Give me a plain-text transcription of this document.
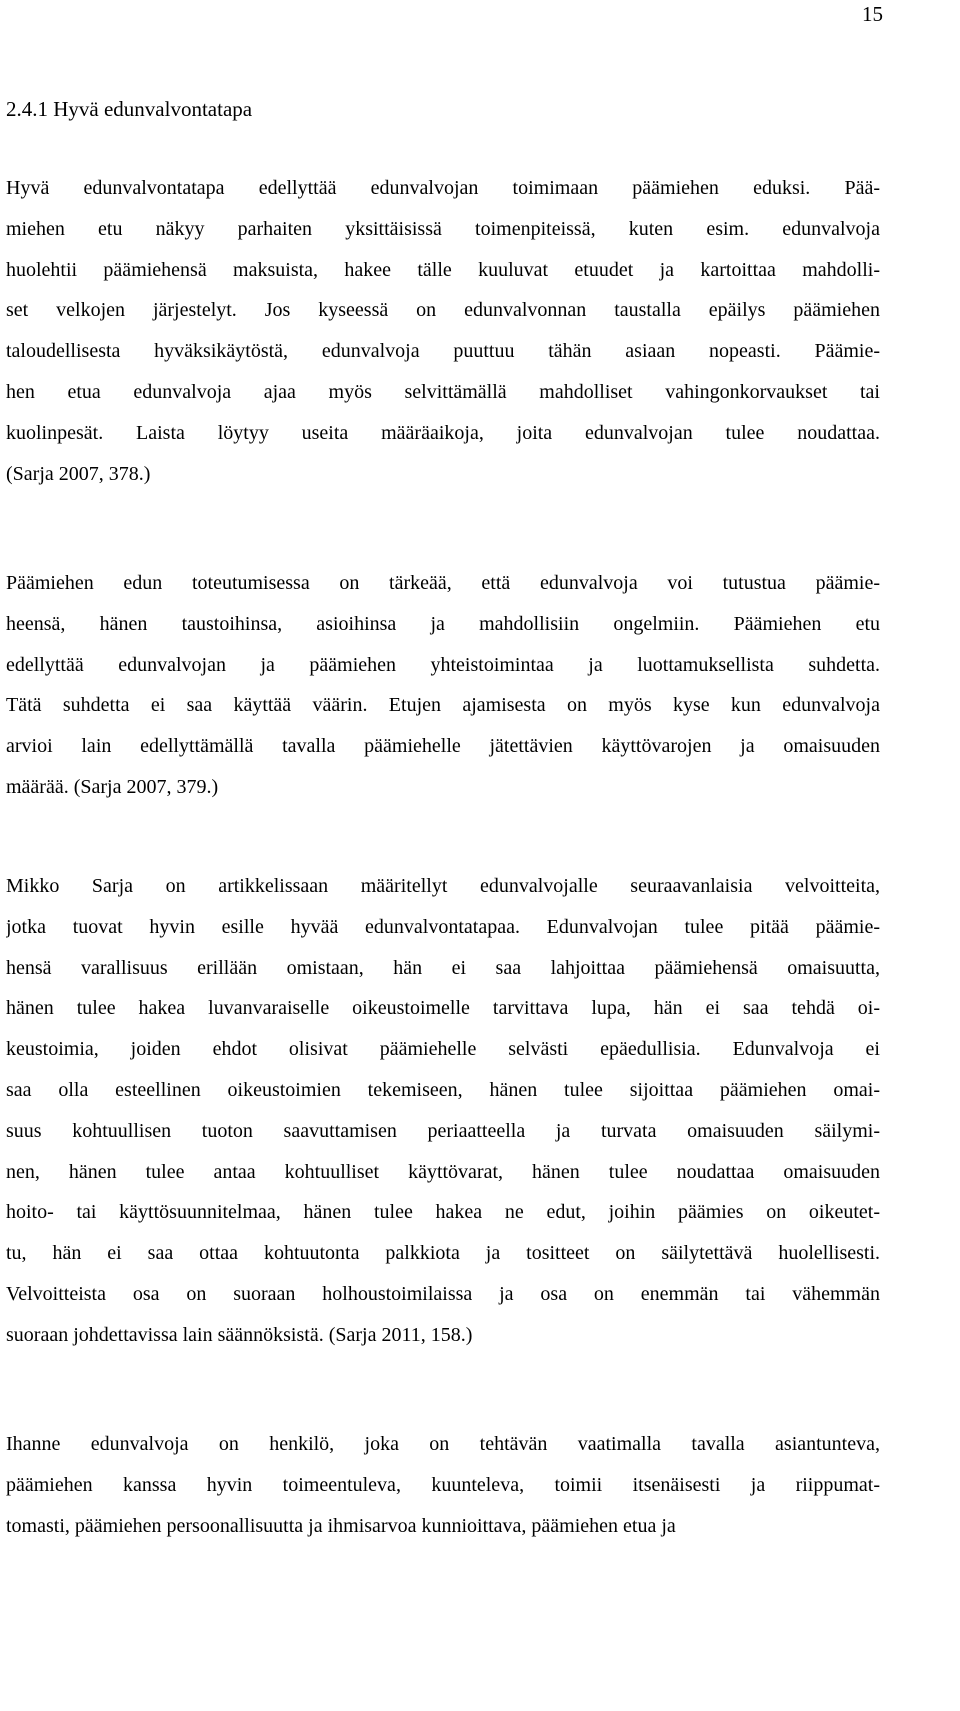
15
2.4.1 Hyvä edunvalvontatapa
Hyvä edunvalvontatapa edellyttää edunvalvojan toimimaan päämiehen eduksi. Pää-
miehen etu näkyy parhaiten yksittäisissä toimenpiteissä, kuten esim. edunvalvoja
huolehtii päämiehensä maksuista, hakee tälle kuuluvat etuudet ja kartoittaa mahdolli-
set velkojen järjestelyt. Jos kyseessä on edunvalvonnan taustalla epäilys päämiehen
taloudellisesta hyväksikäytöstä, edunvalvoja puuttuu tähän asiaan nopeasti. Päämie-
hen etua edunvalvoja ajaa myös selvittämällä mahdolliset vahingonkorvaukset tai
kuolinpesät. Laista löytyy useita määräaikoja, joita edunvalvojan tulee noudattaa.
(Sarja 2007, 378.)
Päämiehen edun toteutumisessa on tärkeää, että edunvalvoja voi tutustua päämie-
heensä, hänen taustoihinsa, asioihinsa ja mahdollisiin ongelmiin. Päämiehen etu
edellyttää edunvalvojan ja päämiehen yhteistoimintaa ja luottamuksellista suhdetta.
Tätä suhdetta ei saa käyttää väärin. Etujen ajamisesta on myös kyse kun edunvalvoja
arvioi lain edellyttämällä tavalla päämiehelle jätettävien käyttövarojen ja omaisuuden
määrää. (Sarja 2007, 379.)
Mikko Sarja on artikkelissaan määritellyt edunvalvojalle seuraavanlaisia velvoitteita,
jotka tuovat hyvin esille hyvää edunvalvontatapaa. Edunvalvojan tulee pitää päämie-
hensä varallisuus erillään omistaan, hän ei saa lahjoittaa päämiehensä omaisuutta,
hänen tulee hakea luvanvaraiselle oikeustoimelle tarvittava lupa, hän ei saa tehdä oi-
keustoimia, joiden ehdot olisivat päämiehelle selvästi epäedullisia. Edunvalvoja ei
saa olla esteellinen oikeustoimien tekemiseen, hänen tulee sijoittaa päämiehen omai-
suus kohtuullisen tuoton saavuttamisen periaatteella ja turvata omaisuuden säilymi-
nen, hänen tulee antaa kohtuulliset käyttövarat, hänen tulee noudattaa omaisuuden
hoito- tai käyttösuunnitelmaa, hänen tulee hakea ne edut, joihin päämies on oikeutet-
tu, hän ei saa ottaa kohtuutonta palkkiota ja tositteet on säilytettävä huolellisesti.
Velvoitteista osa on suoraan holhoustoimilaissa ja osa on enemmän tai vähemmän
suoraan johdettavissa lain säännöksistä. (Sarja 2011, 158.)
Ihanne edunvalvoja on henkilö, joka on tehtävän vaatimalla tavalla asiantunteva,
päämiehen kanssa hyvin toimeentuleva, kuunteleva, toimii itsenäisesti ja riippumat-
tomasti, päämiehen persoonallisuutta ja ihmisarvoa kunnioittava, päämiehen etua ja
